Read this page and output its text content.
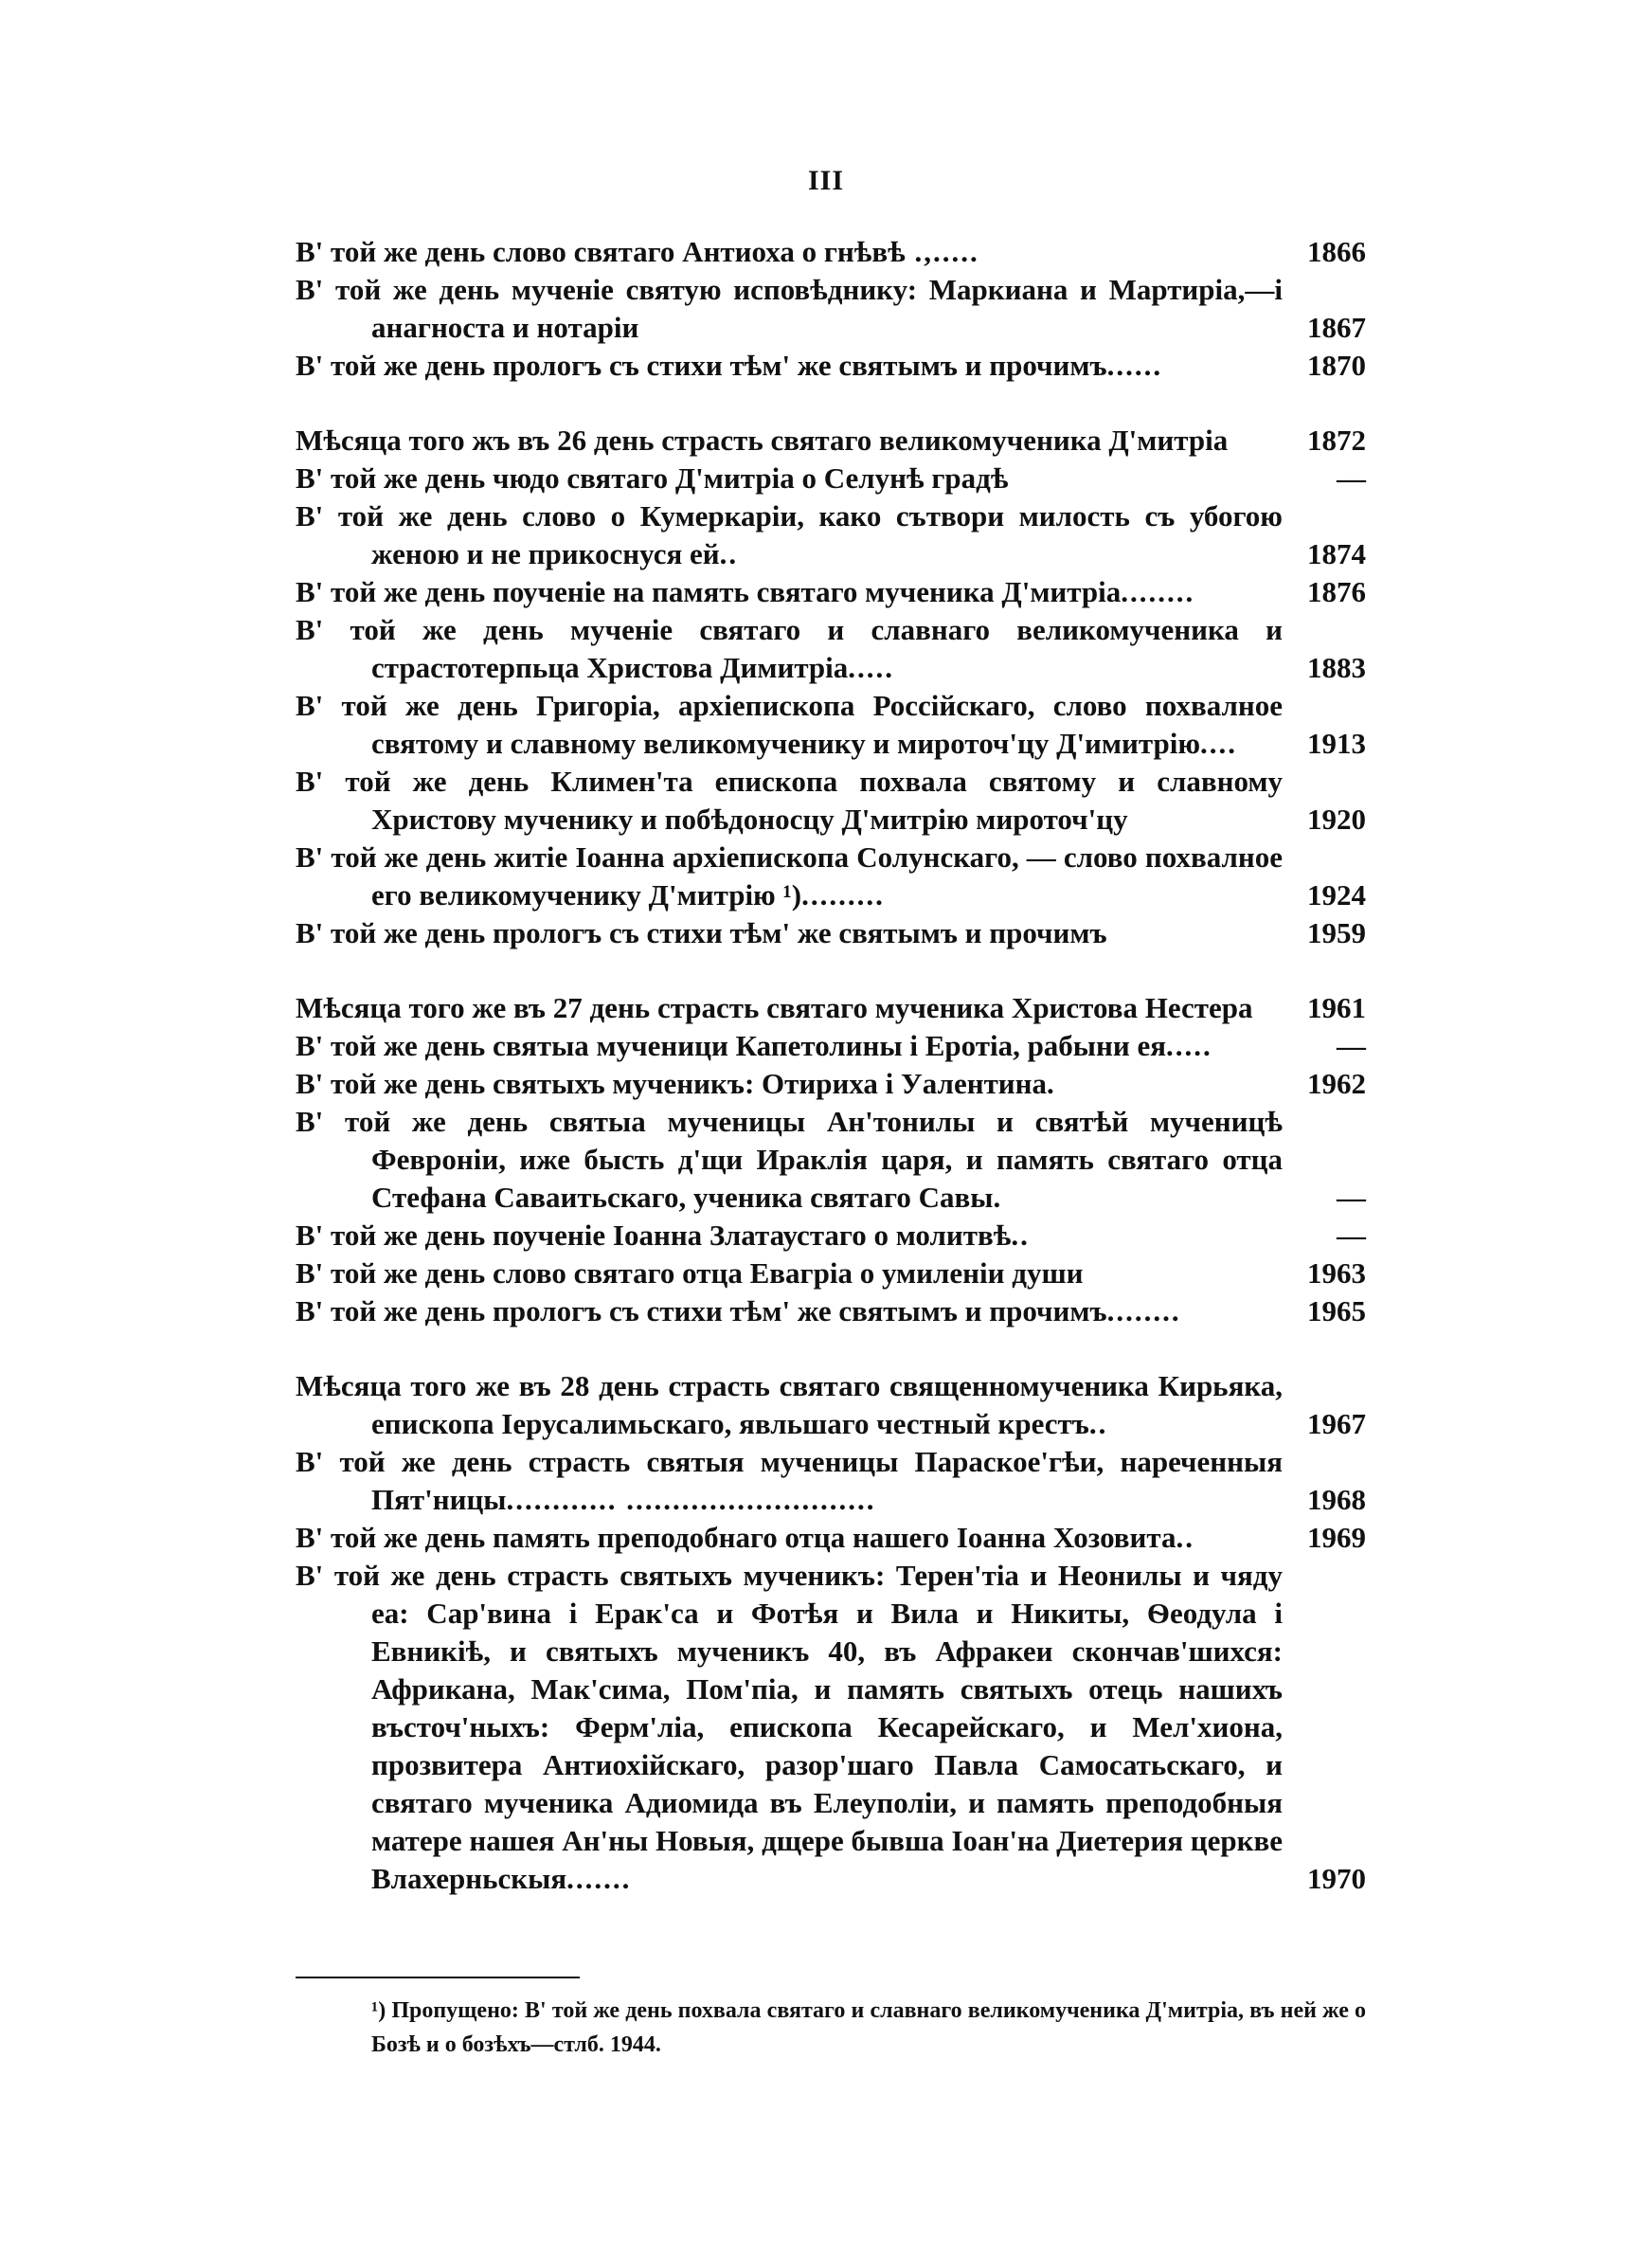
III
В' той же день слово святаго Антиоха о гнѣвѣ .,.....	1866
В' той же день мученіе святую исповѣднику: Маркиана и Мартиріа,—і анагноста и нотаріи	1867
В' той же день прологъ съ стихи тѣм' же святымъ и прочимъ......	1870
Мѣсяца того жъ въ 26 день страсть святаго великомученика Д'митріа	1872
В' той же день чюдо святаго Д'митріа о Селунѣ градѣ	—
В' той же день слово о Кумеркаріи, како сътвори милость съ убогою женою и не прикоснуся ей..	1874
В' той же день поученіе на память святаго мученика Д'митріа........	1876
В' той же день мученіе святаго и славнаго великомученика и страстотерпьца Христова Димитріа.....	1883
В' той же день Григоріа, архіепископа Россійскаго, слово похвалное святому и славному великомученику и мироточ'цу Д'имитрію....	1913
В' той же день Климен'та епископа похвала святому и славному Христову мученику и побѣдоносцу Д'митрію мироточ'цу	1920
В' той же день житіе Іоанна архіепископа Солунскаго, — слово похвалное его великомученику Д'митрію ¹).........	1924
В' той же день прологъ съ стихи тѣм' же святымъ и прочимъ	1959
Мѣсяца того же въ 27 день страсть святаго мученика Христова Нестера	1961
В' той же день святыа мученици Капетолины і Еротіа, рабыни ея.....	—
В' той же день святыхъ мученикъ: Отириха і Уалентина.	1962
В' той же день святыа мученицы Ан'тонилы и святѣй мученицѣ Февроніи, иже бысть д'щи Ираклія царя, и память святаго отца Стефана Саваитьскаго, ученика святаго Савы.	—
В' той же день поученіе Іоанна Златаустаго о молитвѣ..	—
В' той же день слово святаго отца Евагріа о умиленіи души	1963
В' той же день прологъ съ стихи тѣм' же святымъ и прочимъ........	1965
Мѣсяца того же въ 28 день страсть святаго священномученика Кирьяка, епископа Іерусалимьскаго, явльшаго честный крестъ..	1967
В' той же день страсть святыя мученицы Параское'гѣи, нареченныя Пят'ницы............ ...........................	1968
В' той же день память преподобнаго отца нашего Іоанна Хозовита..	1969
В' той же день страсть святыхъ мученикъ: Терен'тіа и Неонилы и чяду еа: Сар'вина і Ерак'са и Фотѣя и Вила и Никиты, Ѳеодула і Евникіѣ, и святыхъ мученикъ 40, въ Афракеи скончав'шихся: Африкана, Мак'сима, Пом'піа, и память святыхъ отець нашихъ въсточ'ныхъ: Ферм'ліа, епископа Кесарейскаго, и Мел'хиона, прозвитера Антиохійскаго, разор'шаго Павла Самосатьскаго, и святаго мученика Адиомида въ Елеуполіи, и память преподобныя матере нашея Ан'ны Новыя, дщере бывша Іоан'на Диетерия церкве Влахерньскыя.......	1970
¹) Пропущено: В' той же день похвала святаго и славнаго великомученика Д'митріа, въ ней же о Бозѣ и о бозѣхъ—стлб. 1944.
